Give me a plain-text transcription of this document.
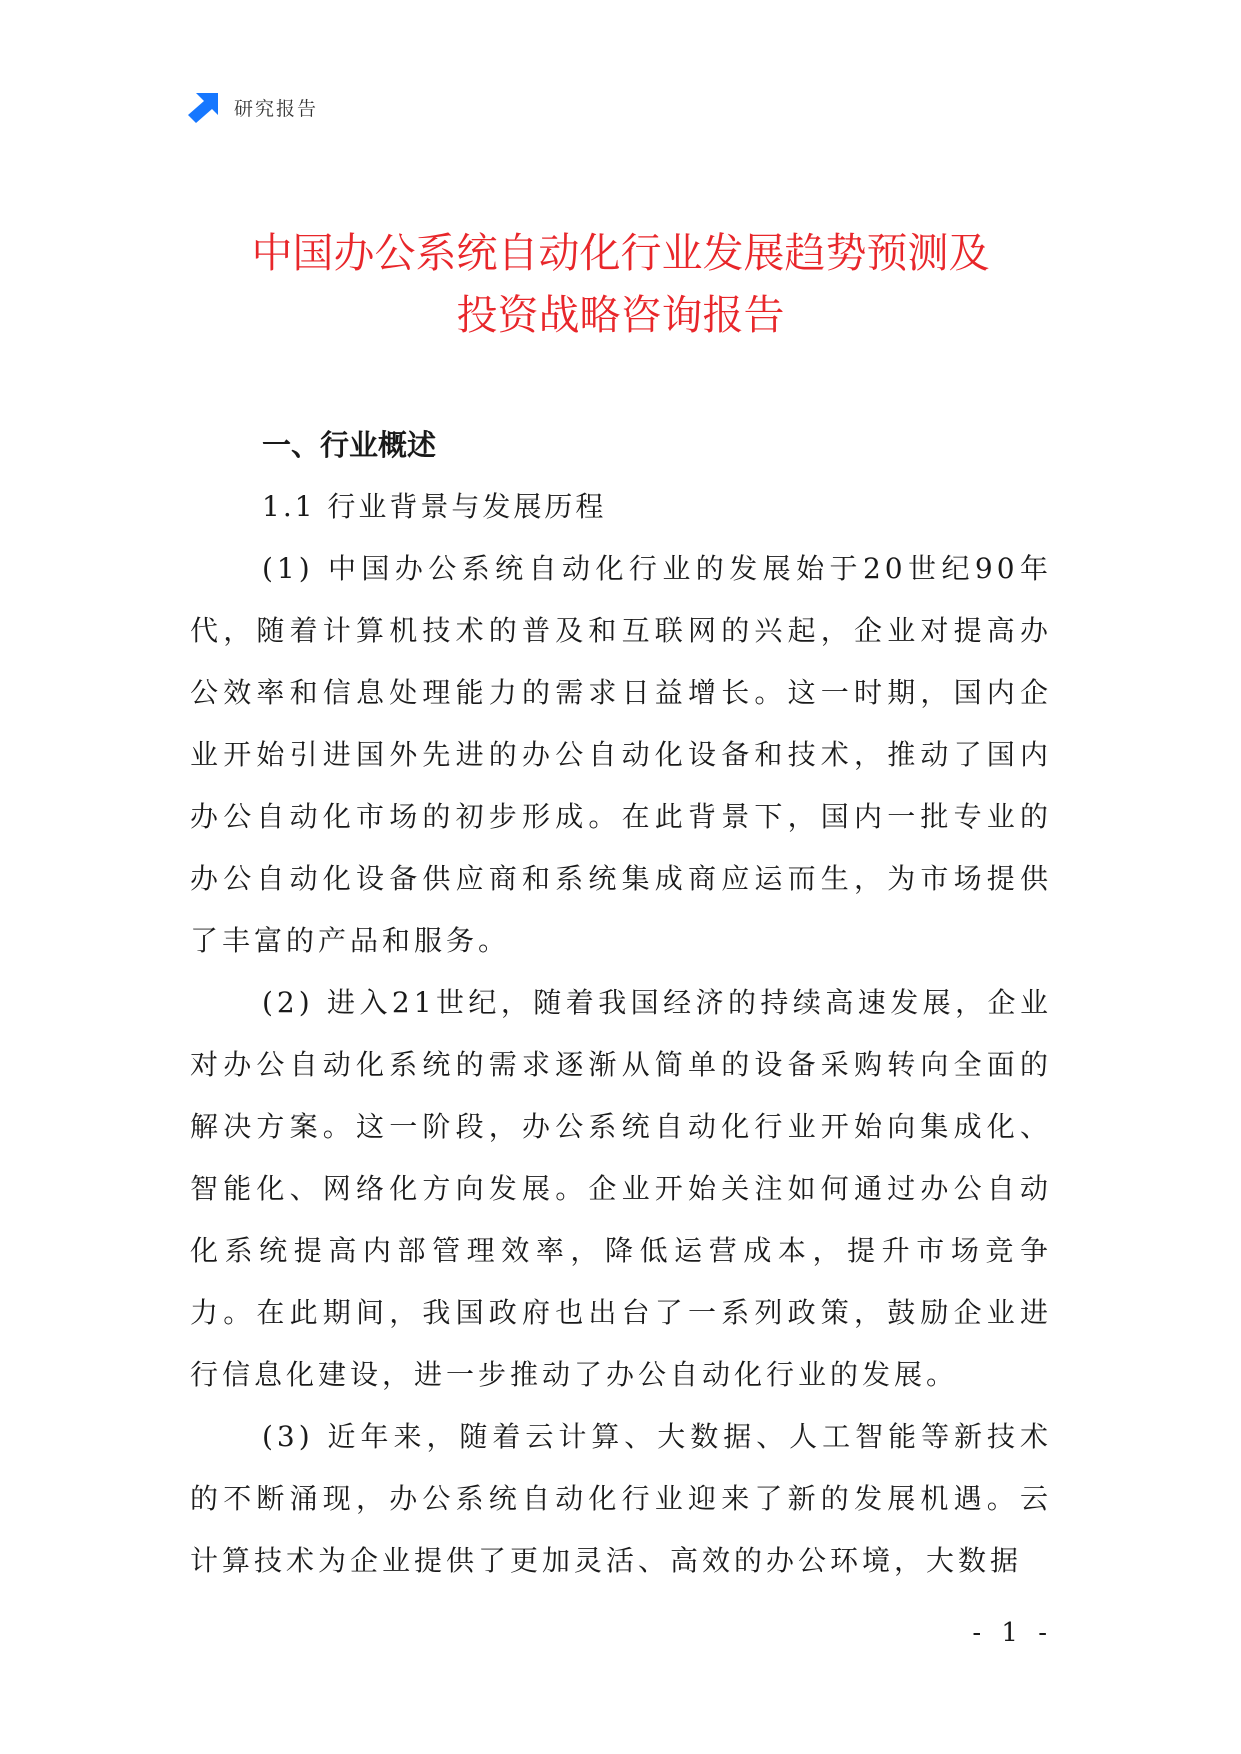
研究报告
中国办公系统自动化行业发展趋势预测及
投资战略咨询报告
一、行业概述
1.1 行业背景与发展历程

(1) 中国办公系统自动化行业的发展始于20世纪90年代，随着计算机技术的普及和互联网的兴起，企业对提高办公效率和信息处理能力的需求日益增长。这一时期，国内企业开始引进国外先进的办公自动化设备和技术，推动了国内办公自动化市场的初步形成。在此背景下，国内一批专业的办公自动化设备供应商和系统集成商应运而生，为市场提供了丰富的产品和服务。

(2) 进入21世纪，随着我国经济的持续高速发展，企业对办公自动化系统的需求逐渐从简单的设备采购转向全面的解决方案。这一阶段，办公系统自动化行业开始向集成化、智能化、网络化方向发展。企业开始关注如何通过办公自动化系统提高内部管理效率，降低运营成本，提升市场竞争力。在此期间，我国政府也出台了一系列政策，鼓励企业进行信息化建设，进一步推动了办公自动化行业的发展。

(3) 近年来，随着云计算、大数据、人工智能等新技术的不断涌现，办公系统自动化行业迎来了新的发展机遇。云计算技术为企业提供了更加灵活、高效的办公环境，大数据

- 1 -
